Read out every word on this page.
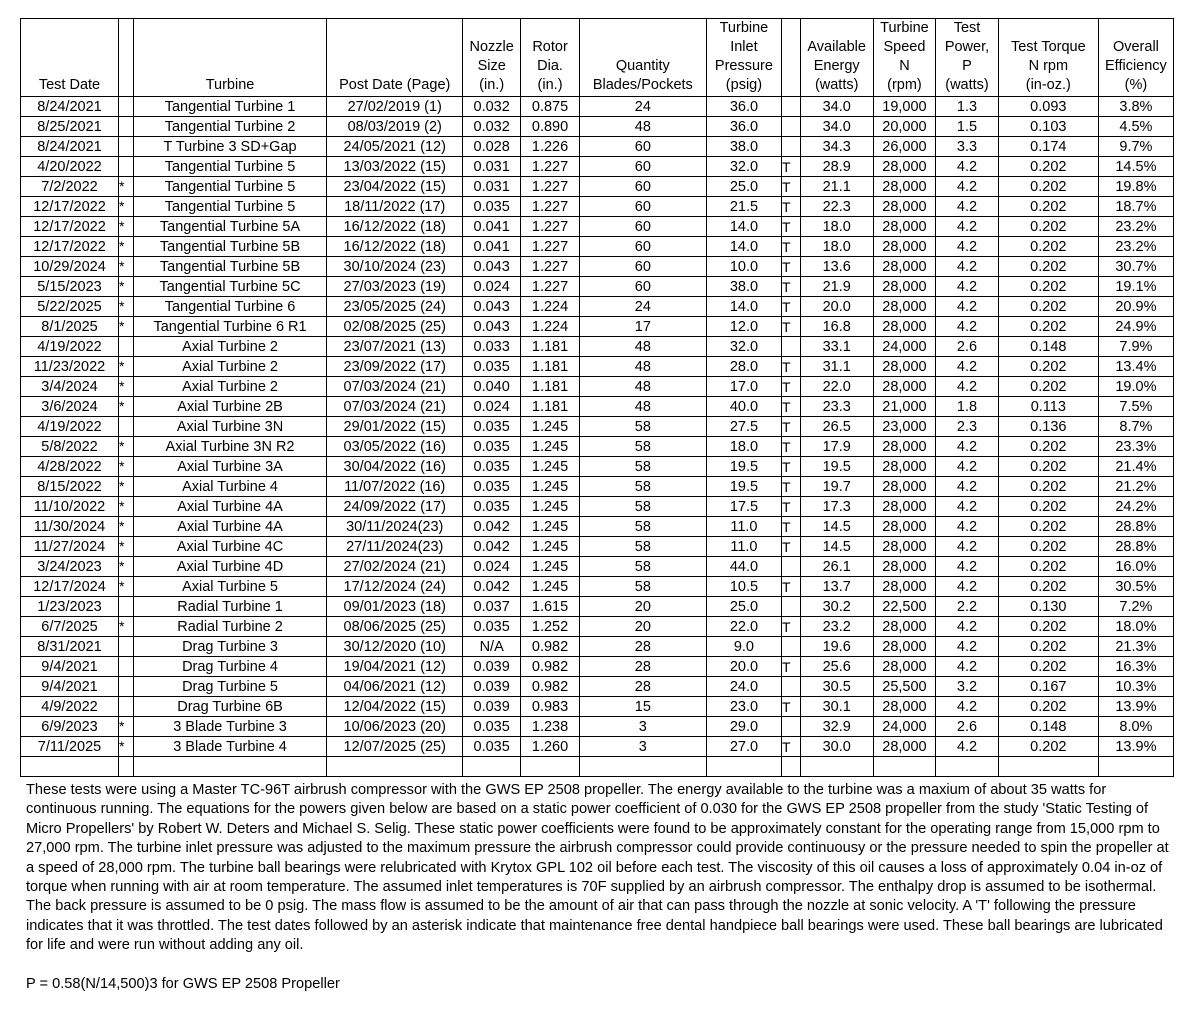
Test Date		Turbine	Post Date (Page)	Nozzle
Size
(in.)	Rotor
Dia.
(in.)	Quantity
Blades/Pockets	Turbine
Inlet
Pressure
(psig)		Available
Energy
(watts)	Turbine
Speed
N
(rpm)	Test
Power,
P
(watts)	Test Torque
N rpm
(in-oz.)	Overall
Efficiency
(%)

8/24/2021		Tangential Turbine 1	27/02/2019 (1)	0.032	0.875	24	36.0		34.0	19,000	1.3	0.093	3.8%
8/25/2021		Tangential Turbine 2	08/03/2019 (2)	0.032	0.890	48	36.0		34.0	20,000	1.5	0.103	4.5%
8/24/2021		T Turbine 3 SD+Gap	24/05/2021 (12)	0.028	1.226	60	38.0		34.3	26,000	3.3	0.174	9.7%
4/20/2022		Tangential Turbine 5	13/03/2022 (15)	0.031	1.227	60	32.0	T	28.9	28,000	4.2	0.202	14.5%
7/2/2022	*	Tangential Turbine 5	23/04/2022 (15)	0.031	1.227	60	25.0	T	21.1	28,000	4.2	0.202	19.8%
12/17/2022	*	Tangential Turbine 5	18/11/2022 (17)	0.035	1.227	60	21.5	T	22.3	28,000	4.2	0.202	18.7%
12/17/2022	*	Tangential Turbine 5A	16/12/2022 (18)	0.041	1.227	60	14.0	T	18.0	28,000	4.2	0.202	23.2%
12/17/2022	*	Tangential Turbine 5B	16/12/2022 (18)	0.041	1.227	60	14.0	T	18.0	28,000	4.2	0.202	23.2%
10/29/2024	*	Tangential Turbine 5B	30/10/2024 (23)	0.043	1.227	60	10.0	T	13.6	28,000	4.2	0.202	30.7%
5/15/2023	*	Tangential Turbine 5C	27/03/2023 (19)	0.024	1.227	60	38.0	T	21.9	28,000	4.2	0.202	19.1%
5/22/2025	*	Tangential Turbine 6	23/05/2025 (24)	0.043	1.224	24	14.0	T	20.0	28,000	4.2	0.202	20.9%
8/1/2025	*	Tangential Turbine 6 R1	02/08/2025 (25)	0.043	1.224	17	12.0	T	16.8	28,000	4.2	0.202	24.9%
4/19/2022		Axial Turbine 2	23/07/2021 (13)	0.033	1.181	48	32.0		33.1	24,000	2.6	0.148	7.9%
11/23/2022	*	Axial Turbine 2	23/09/2022 (17)	0.035	1.181	48	28.0	T	31.1	28,000	4.2	0.202	13.4%
3/4/2024	*	Axial Turbine 2	07/03/2024 (21)	0.040	1.181	48	17.0	T	22.0	28,000	4.2	0.202	19.0%
3/6/2024	*	Axial Turbine 2B	07/03/2024 (21)	0.024	1.181	48	40.0	T	23.3	21,000	1.8	0.113	7.5%
4/19/2022		Axial Turbine 3N	29/01/2022 (15)	0.035	1.245	58	27.5	T	26.5	23,000	2.3	0.136	8.7%
5/8/2022	*	Axial Turbine 3N R2	03/05/2022 (16)	0.035	1.245	58	18.0	T	17.9	28,000	4.2	0.202	23.3%
4/28/2022	*	Axial Turbine 3A	30/04/2022 (16)	0.035	1.245	58	19.5	T	19.5	28,000	4.2	0.202	21.4%
8/15/2022	*	Axial Turbine 4	11/07/2022 (16)	0.035	1.245	58	19.5	T	19.7	28,000	4.2	0.202	21.2%
11/10/2022	*	Axial Turbine 4A	24/09/2022 (17)	0.035	1.245	58	17.5	T	17.3	28,000	4.2	0.202	24.2%
11/30/2024	*	Axial Turbine 4A	30/11/2024(23)	0.042	1.245	58	11.0	T	14.5	28,000	4.2	0.202	28.8%
11/27/2024	*	Axial Turbine 4C	27/11/2024(23)	0.042	1.245	58	11.0	T	14.5	28,000	4.2	0.202	28.8%
3/24/2023	*	Axial Turbine 4D	27/02/2024 (21)	0.024	1.245	58	44.0		26.1	28,000	4.2	0.202	16.0%
12/17/2024	*	Axial Turbine 5	17/12/2024 (24)	0.042	1.245	58	10.5	T	13.7	28,000	4.2	0.202	30.5%
1/23/2023		Radial Turbine 1	09/01/2023 (18)	0.037	1.615	20	25.0		30.2	22,500	2.2	0.130	7.2%
6/7/2025	*	Radial Turbine 2	08/06/2025 (25)	0.035	1.252	20	22.0	T	23.2	28,000	4.2	0.202	18.0%
8/31/2021		Drag Turbine 3	30/12/2020 (10)	N/A	0.982	28	9.0		19.6	28,000	4.2	0.202	21.3%
9/4/2021		Drag Turbine 4	19/04/2021 (12)	0.039	0.982	28	20.0	T	25.6	28,000	4.2	0.202	16.3%
9/4/2021		Drag Turbine 5	04/06/2021 (12)	0.039	0.982	28	24.0		30.5	25,500	3.2	0.167	10.3%
4/9/2022		Drag Turbine 6B	12/04/2022 (15)	0.039	0.983	15	23.0	T	30.1	28,000	4.2	0.202	13.9%
6/9/2023	*	3 Blade Turbine 3	10/06/2023 (20)	0.035	1.238	3	29.0		32.9	24,000	2.6	0.148	8.0%
7/11/2025	*	3 Blade Turbine 4	12/07/2025 (25)	0.035	1.260	3	27.0	T	30.0	28,000	4.2	0.202	13.9%

These tests were using a Master TC-96T airbrush compressor with the GWS EP 2508 propeller. The energy available to the turbine was a maxium of about 35 watts for continuous running. The equations for the powers given below are based on a static power coefficient of 0.030 for the GWS EP 2508 propeller from the study 'Static Testing of Micro Propellers' by Robert W. Deters and Michael S. Selig. These static power coefficients were found to be approximately constant for the operating range from 15,000 rpm to 27,000 rpm. The turbine inlet pressure was adjusted to the maximum pressure the airbrush compressor could provide continuousy or the pressure needed to spin the propeller at a speed of 28,000 rpm. The turbine ball bearings were relubricated with Krytox GPL 102 oil before each test. The viscosity of this oil causes a loss of approximately 0.04 in-oz of torque when running with air at room temperature. The assumed inlet temperatures is 70F supplied by an airbrush compressor. The enthalpy drop is assumed to be isothermal. The back pressure is assumed to be 0 psig. The mass flow is assumed to be the amount of air that can pass through the nozzle at sonic velocity. A 'T' following the pressure indicates that it was throttled. The test dates followed by an asterisk indicate that maintenance free dental handpiece ball bearings were used. These ball bearings are lubricated for life and were run without adding any oil.

P = 0.58(N/14,500)3 for GWS EP 2508 Propeller
